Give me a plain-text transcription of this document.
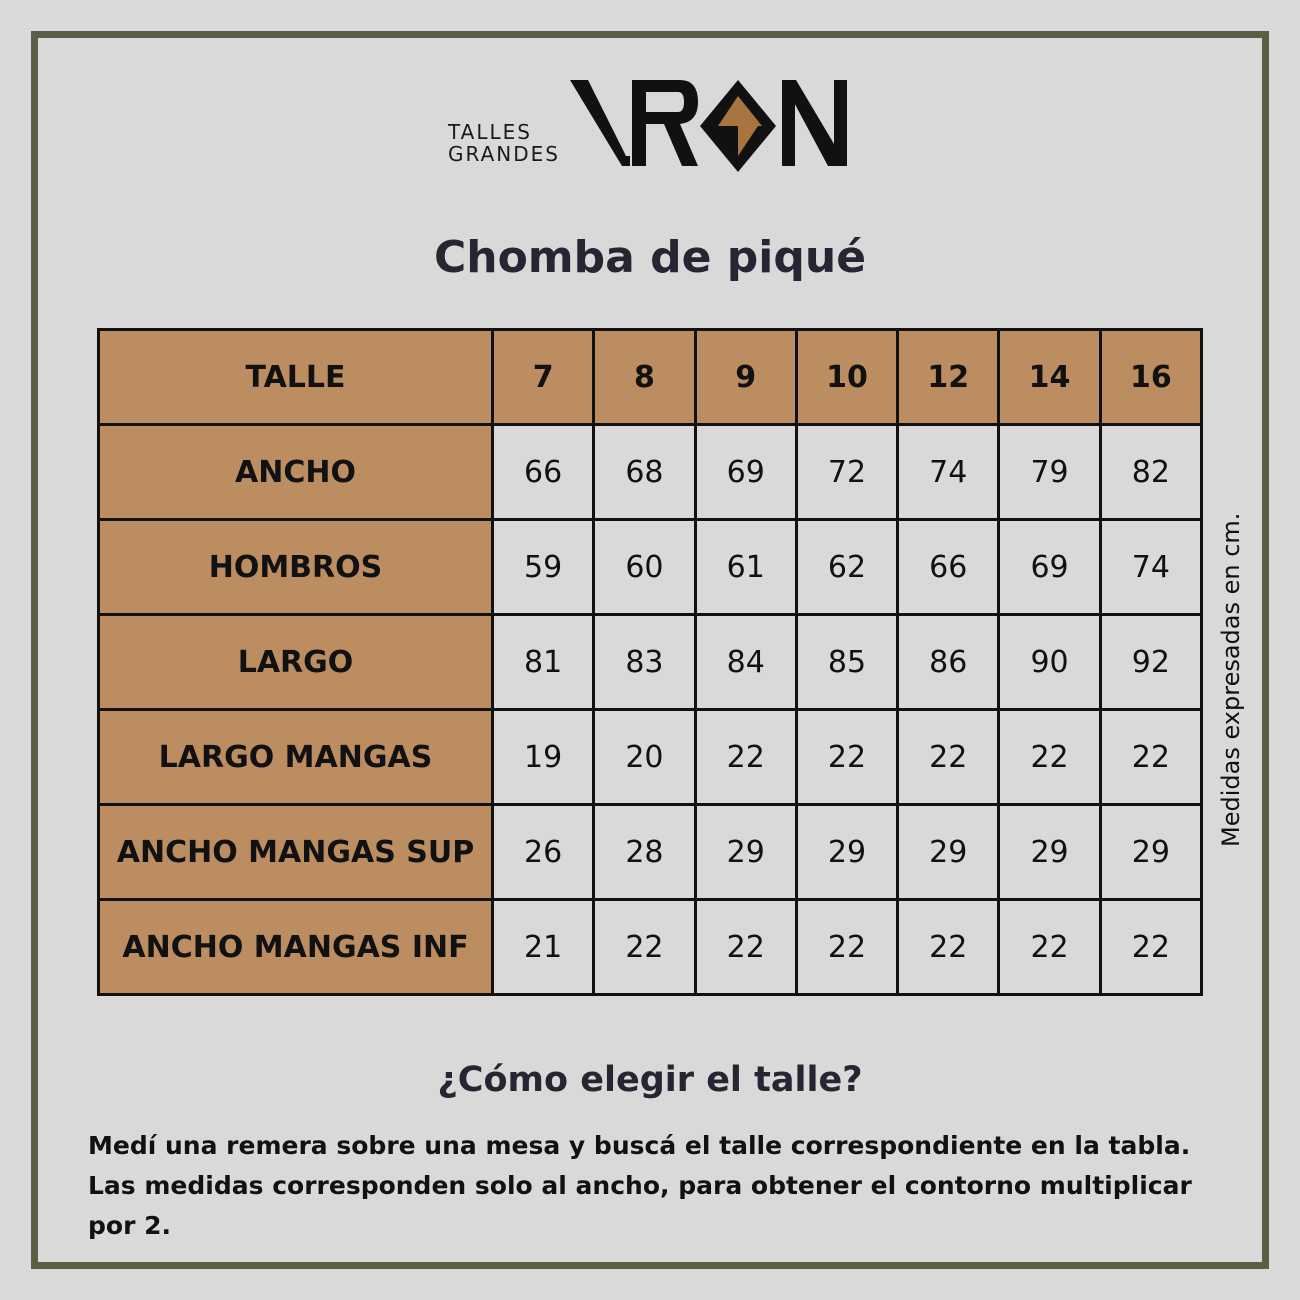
TALLES
GRANDES
Chomba de piqué
TALLE	7	8	9	10	12	14	16
ANCHO	66	68	69	72	74	79	82
HOMBROS	59	60	61	62	66	69	74
LARGO	81	83	84	85	86	90	92
LARGO MANGAS	19	20	22	22	22	22	22
ANCHO MANGAS SUP	26	28	29	29	29	29	29
ANCHO MANGAS INF	21	22	22	22	22	22	22
Medidas expresadas en cm.
¿Cómo elegir el talle?

Medí una remera sobre una mesa y buscá el talle correspondiente en la tabla. Las medidas corresponden solo al ancho, para obtener el contorno multiplicar por 2.
